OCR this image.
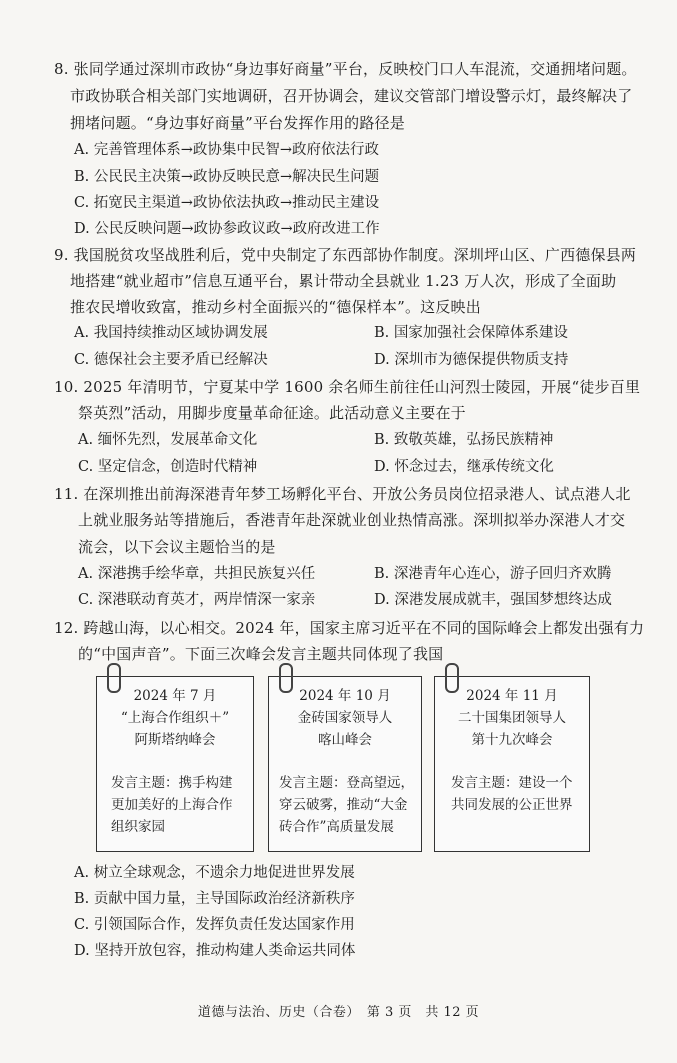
8. 张同学通过深圳市政协“身边事好商量”平台，反映校门口人车混流，交通拥堵问题。
市政协联合相关部门实地调研，召开协调会，建议交管部门增设警示灯，最终解决了
拥堵问题。“身边事好商量”平台发挥作用的路径是
A. 完善管理体系→政协集中民智→政府依法行政
B. 公民民主决策→政协反映民意→解决民生问题
C. 拓宽民主渠道→政协依法执政→推动民主建设
D. 公民反映问题→政协参政议政→政府改进工作
9. 我国脱贫攻坚战胜利后，党中央制定了东西部协作制度。深圳坪山区、广西德保县两
地搭建“就业超市”信息互通平台，累计带动全县就业 1.23 万人次，形成了全面助
推农民增收致富，推动乡村全面振兴的“德保样本”。这反映出
A. 我国持续推动区域协调发展	B. 国家加强社会保障体系建设
C. 德保社会主要矛盾已经解决	D. 深圳市为德保提供物质支持
10. 2025 年清明节，宁夏某中学 1600 余名师生前往任山河烈士陵园，开展“徒步百里
祭英烈”活动，用脚步度量革命征途。此活动意义主要在于
A. 缅怀先烈，发展革命文化	B. 致敬英雄，弘扬民族精神
C. 坚定信念，创造时代精神	D. 怀念过去，继承传统文化
11. 在深圳推出前海深港青年梦工场孵化平台、开放公务员岗位招录港人、试点港人北
上就业服务站等措施后，香港青年赴深就业创业热情高涨。深圳拟举办深港人才交
流会，以下会议主题恰当的是
A. 深港携手绘华章，共担民族复兴任	B. 深港青年心连心，游子回归齐欢腾
C. 深港联动育英才，两岸情深一家亲	D. 深港发展成就丰，强国梦想终达成
12. 跨越山海，以心相交。2024 年，国家主席习近平在不同的国际峰会上都发出强有力
的“中国声音”。下面三次峰会发言主题共同体现了我国
2024 年 7 月
“上海合作组织＋”
阿斯塔纳峰会
发言主题：携手构建
更加美好的上海合作
组织家园
2024 年 10 月
金砖国家领导人
喀山峰会
发言主题：登高望远，
穿云破雾，推动“大金
砖合作”高质量发展
2024 年 11 月
二十国集团领导人
第十九次峰会
发言主题：建设一个
共同发展的公正世界
A. 树立全球观念，不遗余力地促进世界发展
B. 贡献中国力量，主导国际政治经济新秩序
C. 引领国际合作，发挥负责任发达国家作用
D. 坚持开放包容，推动构建人类命运共同体
道德与法治、历史（合卷）　第 3 页　共 12 页
